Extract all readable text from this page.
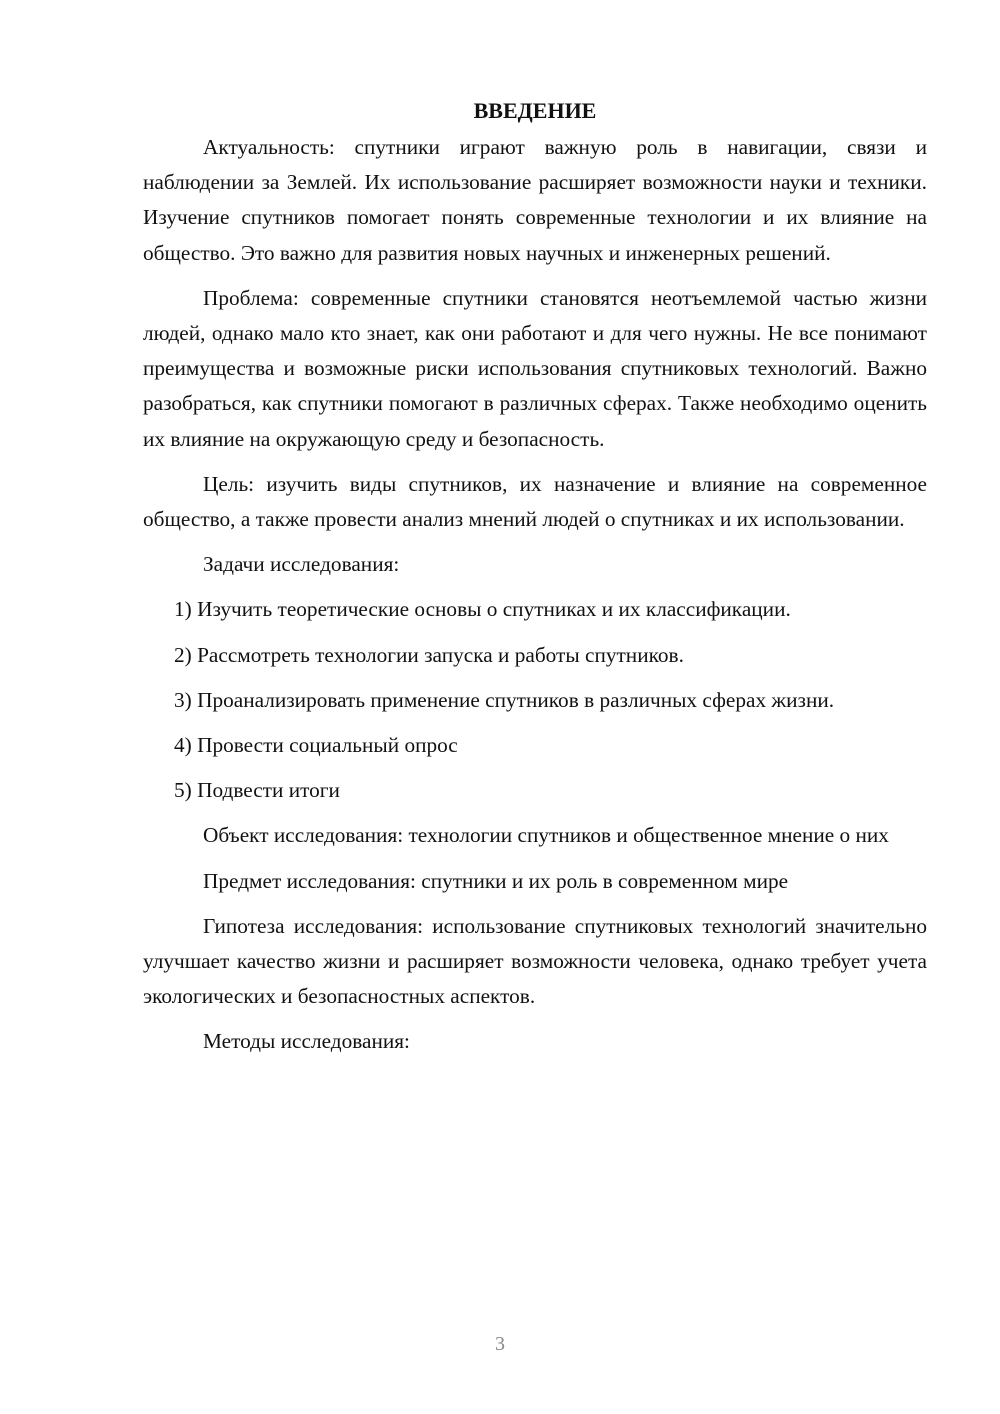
ВВЕДЕНИЕ

Актуальность: спутники играют важную роль в навигации, связи и наблюдении за Землей. Их использование расширяет возможности науки и техники. Изучение спутников помогает понять современные технологии и их влияние на общество. Это важно для развития новых научных и инженерных решений.

Проблема: современные спутники становятся неотъемлемой частью жизни людей, однако мало кто знает, как они работают и для чего нужны. Не все понимают преимущества и возможные риски использования спутниковых технологий. Важно разобраться, как спутники помогают в различных сферах. Также необходимо оценить их влияние на окружающую среду и безопасность.

Цель: изучить виды спутников, их назначение и влияние на современное общество, а также провести анализ мнений людей о спутниках и их использовании.

Задачи исследования:

1) Изучить теоретические основы о спутниках и их классификации.

2) Рассмотреть технологии запуска и работы спутников.

3) Проанализировать применение спутников в различных сферах жизни.

4) Провести социальный опрос

5) Подвести итоги

Объект исследования: технологии спутников и общественное мнение о них

Предмет исследования: спутники и их роль в современном мире

Гипотеза исследования: использование спутниковых технологий значительно улучшает качество жизни и расширяет возможности человека, однако требует учета экологических и безопасностных аспектов.

Методы исследования:

3
